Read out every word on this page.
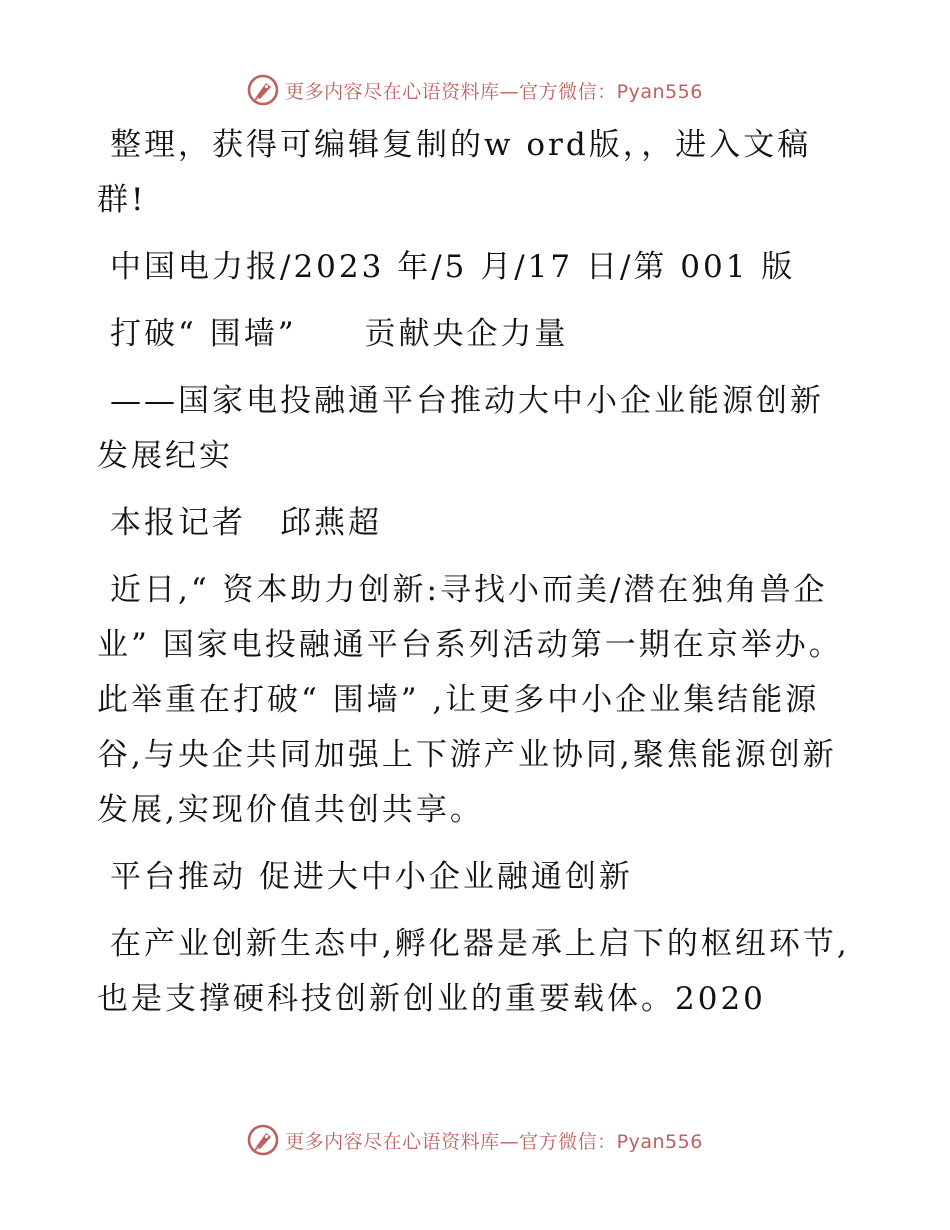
更多内容尽在心语资料库—官方微信：Pyan556

整理，获得可编辑复制的w ord版，，进入文稿群!

中国电力报/2023 年/5 月/17 日/第 001 版

打破“ 围墙”　　贡献央企力量

——国家电投融通平台推动大中小企业能源创新发展纪实

本报记者　邱燕超

近日,“ 资本助力创新:寻找小而美/潜在独角兽企业” 国家电投融通平台系列活动第一期在京举办。此举重在打破“ 围墙” ,让更多中小企业集结能源谷,与央企共同加强上下游产业协同,聚焦能源创新发展,实现价值共创共享。

平台推动 促进大中小企业融通创新

在产业创新生态中,孵化器是承上启下的枢纽环节,也是支撑硬科技创新创业的重要载体。2020

更多内容尽在心语资料库—官方微信：Pyan556
